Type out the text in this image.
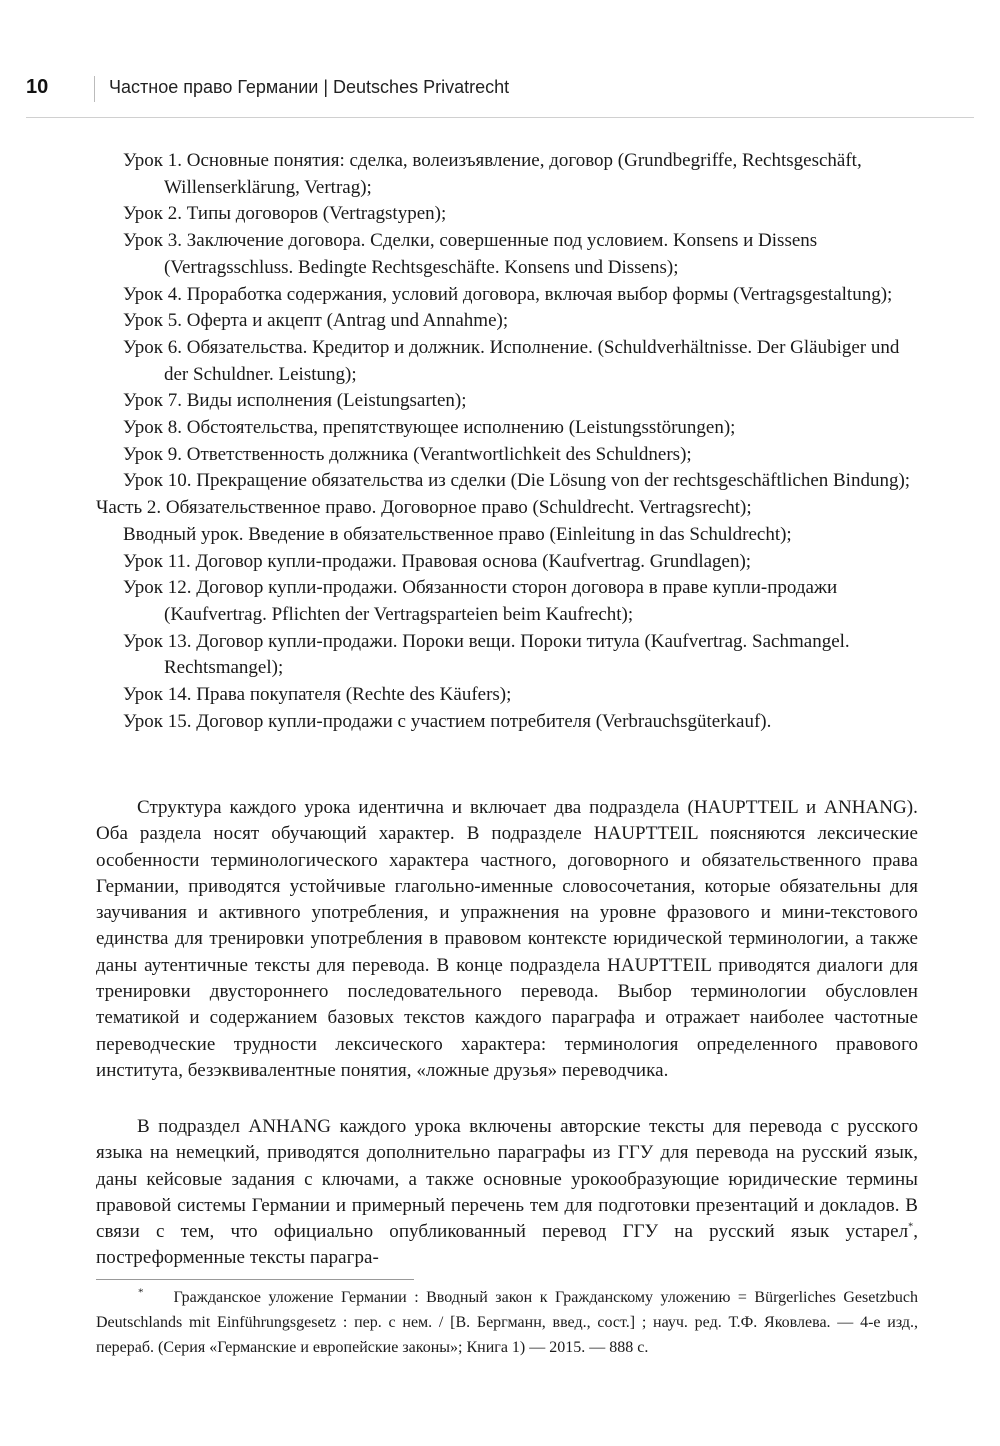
10	Частное право Германии | Deutsches Privatrecht
Урок 1. Основные понятия: сделка, волеизъявление, договор (Grundbegriffe, Rechtsgeschäft, Willenserklärung, Vertrag);
Урок 2. Типы договоров (Vertragstypen);
Урок 3. Заключение договора. Сделки, совершенные под условием. Konsens и Dissens (Vertragsschluss. Bedingte Rechtsgeschäfte. Konsens und Dissens);
Урок 4. Проработка содержания, условий договора, включая выбор формы (Vertragsgestaltung);
Урок 5. Оферта и акцепт (Antrag und Annahme);
Урок 6. Обязательства. Кредитор и должник. Исполнение. (Schuldverhältnisse. Der Gläubiger und der Schuldner. Leistung);
Урок 7. Виды исполнения (Leistungsarten);
Урок 8. Обстоятельства, препятствующее исполнению (Leistungsstörungen);
Урок 9. Ответственность должника (Verantwortlichkeit des Schuldners);
Урок 10. Прекращение обязательства из сделки (Die Lösung von der rechtsgeschäftlichen Bindung);
Часть 2. Обязательственное право. Договорное право (Schuldrecht. Vertragsrecht);
Вводный урок. Введение в обязательственное право (Einleitung in das Schuldrecht);
Урок 11. Договор купли-продажи. Правовая основа (Kaufvertrag. Grundlagen);
Урок 12. Договор купли-продажи. Обязанности сторон договора в праве купли-продажи (Kaufvertrag. Pflichten der Vertragsparteien beim Kaufrecht);
Урок 13. Договор купли-продажи. Пороки вещи. Пороки титула (Kaufvertrag. Sachmangel. Rechtsmangel);
Урок 14. Права покупателя (Rechte des Käufers);
Урок 15. Договор купли-продажи с участием потребителя (Verbrauchsgüterkauf).

Структура каждого урока идентична и включает два подраздела (HAUPTTEIL и ANHANG). Оба раздела носят обучающий характер. В подразделе HAUPTTEIL поясняются лексические особенности терминологического характера частного, договорного и обязательственного права Германии, приводятся устойчивые глагольно-именные словосочетания, которые обязательны для заучивания и активного употребления, и упражнения на уровне фразового и мини-текстового единства для тренировки употребления в правовом контексте юридической терминологии, а также даны аутентичные тексты для перевода. В конце подраздела HAUPTTEIL приводятся диалоги для тренировки двустороннего последовательного перевода. Выбор терминологии обусловлен тематикой и содержанием базовых текстов каждого параграфа и отражает наиболее частотные переводческие трудности лексического характера: терминология определенного правового института, безэквивалентные понятия, «ложные друзья» переводчика.

В подраздел ANHANG каждого урока включены авторские тексты для перевода с русского языка на немецкий, приводятся дополнительно параграфы из ГГУ для перевода на русский язык, даны кейсовые задания с ключами, а также основные урокообразующие юридические термины правовой системы Германии и примерный перечень тем для подготовки презентаций и докладов. В связи с тем, что официально опубликованный перевод ГГУ на русский язык устарел*, постреформенные тексты парагра-

* Гражданское уложение Германии : Вводный закон к Гражданскому уложению = Bürgerliches Gesetzbuch Deutschlands mit Einführungsgesetz : пер. с нем. / [В. Бергманн, введ., сост.] ; науч. ред. Т.Ф. Яковлева. — 4-е изд., перераб. (Серия «Германские и европейские законы»; Книга 1) — 2015. — 888 с.
